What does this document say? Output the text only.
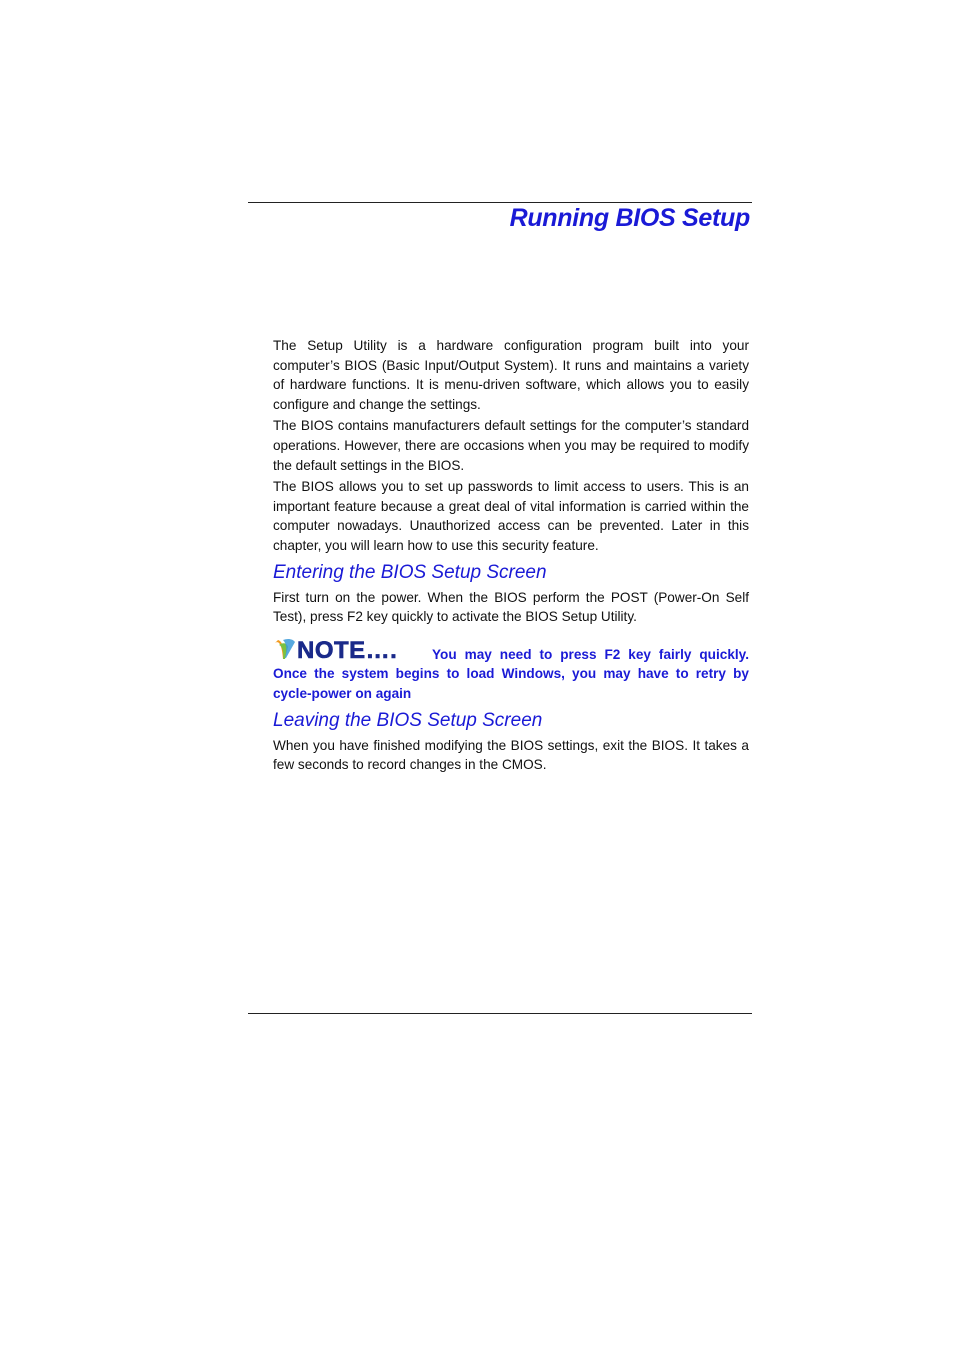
Running BIOS Setup

The Setup Utility is a hardware configuration program built into your computer’s BIOS (Basic Input/Output System). It runs and maintains a variety of hardware functions. It is menu-driven software, which allows you to easily configure and change the settings.

The BIOS contains manufacturers default settings for the computer’s standard operations. However, there are occasions when you may be required to modify the default settings in the BIOS.

The BIOS allows you to set up passwords to limit access to users. This is an important feature because a great deal of vital information is carried within the computer nowadays. Unauthorized access can be prevented. Later in this chapter, you will learn how to use this security feature.

Entering the BIOS Setup Screen

First turn on the power. When the BIOS perform the POST (Power-On Self Test), press F2 key quickly to activate the BIOS Setup Utility.

NOTE….	You may need to press F2 key fairly quickly. Once the system begins to load Windows, you may have to retry by cycle-power on again
Leaving the BIOS Setup Screen

When you have finished modifying the BIOS settings, exit the BIOS. It takes a few seconds to record changes in the CMOS.
